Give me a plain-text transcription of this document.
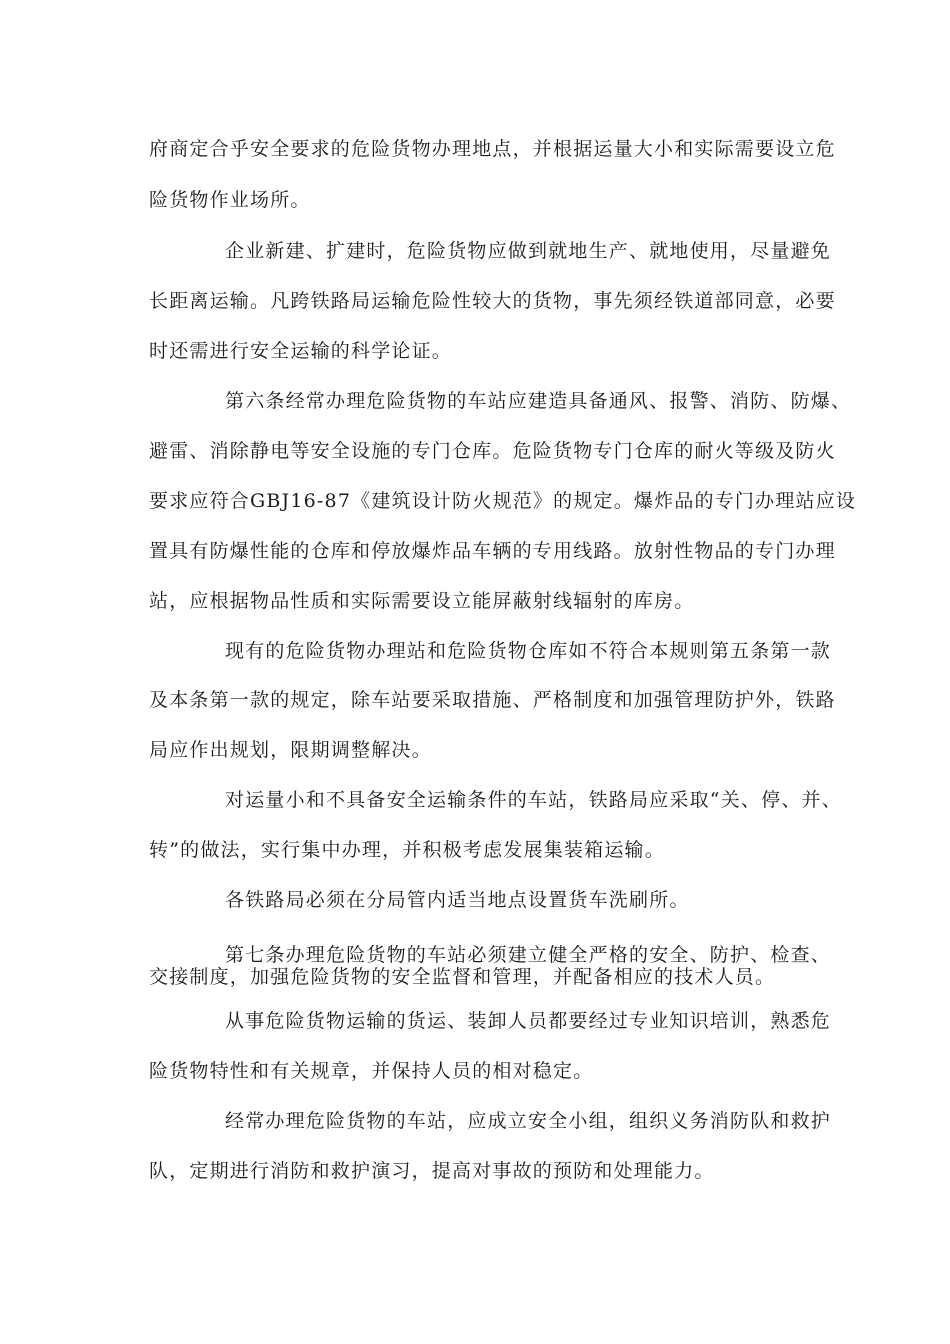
府商定合乎安全要求的危险货物办理地点，并根据运量大小和实际需要设立危

险货物作业场所。

企业新建、扩建时，危险货物应做到就地生产、就地使用，尽量避免

长距离运输。凡跨铁路局运输危险性较大的货物，事先须经铁道部同意，必要

时还需进行安全运输的科学论证。

第六条经常办理危险货物的车站应建造具备通风、报警、消防、防爆、

避雷、消除静电等安全设施的专门仓库。危险货物专门仓库的耐火等级及防火

要求应符合GBJ16-87《建筑设计防火规范》的规定。爆炸品的专门办理站应设

置具有防爆性能的仓库和停放爆炸品车辆的专用线路。放射性物品的专门办理

站，应根据物品性质和实际需要设立能屏蔽射线辐射的库房。

现有的危险货物办理站和危险货物仓库如不符合本规则第五条第一款

及本条第一款的规定，除车站要采取措施、严格制度和加强管理防护外，铁路

局应作出规划，限期调整解决。

对运量小和不具备安全运输条件的车站，铁路局应采取“关、停、并、

转”的做法，实行集中办理，并积极考虑发展集装箱运输。

各铁路局必须在分局管内适当地点设置货车洗刷所。

第七条办理危险货物的车站必须建立健全严格的安全、防护、检查、

交接制度，加强危险货物的安全监督和管理，并配备相应的技术人员。

从事危险货物运输的货运、装卸人员都要经过专业知识培训，熟悉危

险货物特性和有关规章，并保持人员的相对稳定。

经常办理危险货物的车站，应成立安全小组，组织义务消防队和救护

队，定期进行消防和救护演习，提高对事故的预防和处理能力。
